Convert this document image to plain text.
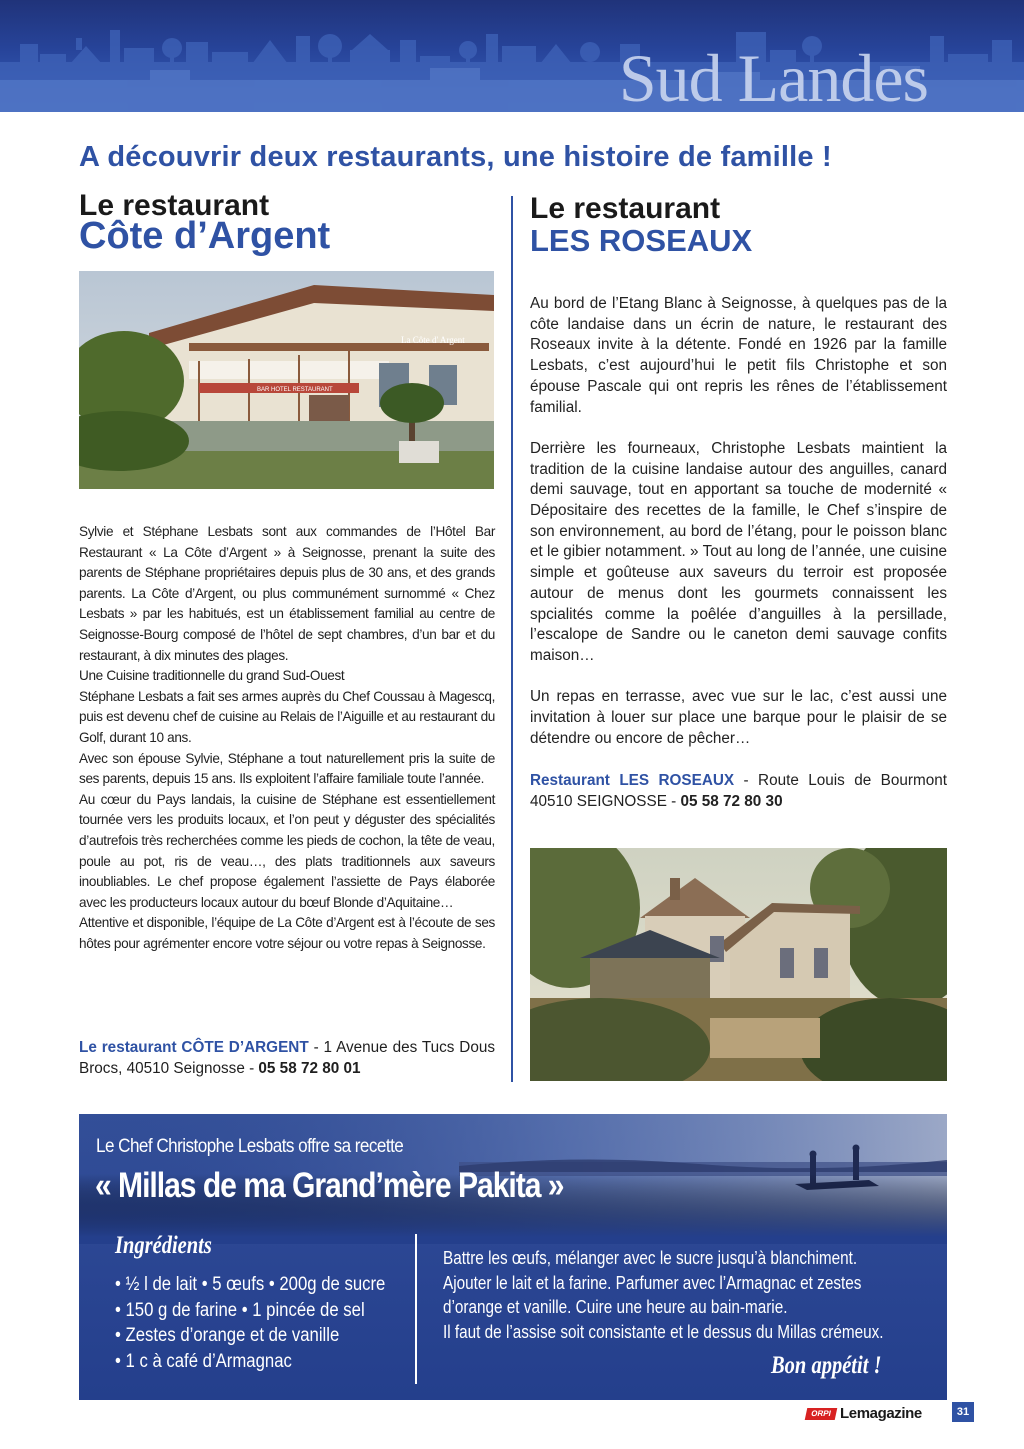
Sud Landes
A découvrir deux restaurants, une histoire de famille !
Le restaurant
Côte d’Argent
BAR HOTEL RESTAURANT
La Côte d' Argent

Sylvie et Stéphane Lesbats sont aux commandes de l’Hôtel Bar Restaurant « La Côte d’Argent » à Seignosse, prenant la suite des parents de Stéphane propriétaires depuis plus de 30 ans, et des grands parents. La Côte d’Argent, ou plus communément surnommé « Chez Lesbats » par les habitués, est un établissement familial au centre de Seignosse-Bourg composé de l’hôtel de sept chambres, d’un bar et du restaurant, à dix minutes des plages.

Une Cuisine traditionnelle du grand Sud-Ouest

Stéphane Lesbats a fait ses armes auprès du Chef Coussau à Magescq, puis est devenu chef de cuisine au Relais de l’Aiguille et au restaurant du Golf, durant 10 ans.

Avec son épouse Sylvie, Stéphane a tout naturellement pris la suite de ses parents, depuis 15 ans. Ils exploitent l’affaire familiale toute l’année.

Au cœur du Pays landais, la cuisine de Stéphane est essentiellement tournée vers les produits locaux, et l’on peut y déguster des spécialités d’autrefois très recherchées comme les pieds de cochon, la tête de veau, poule au pot, ris de veau…, des plats traditionnels aux saveurs inoubliables. Le chef propose également l’assiette de Pays élaborée avec les producteurs locaux autour du bœuf Blonde d’Aquitaine…

Attentive et disponible, l’équipe de La Côte d’Argent est à l’écoute de ses hôtes pour agrémenter encore votre séjour ou votre repas à Seignosse.

Le restaurant CÔTE D’ARGENT - 1 Avenue des Tucs Dous Brocs, 40510 Seignosse - 05 58 72 80 01
Le restaurant
LES ROSEAUX

Au bord de l’Etang Blanc à Seignosse, à quelques pas de la côte landaise dans un écrin de nature, le restaurant des Roseaux invite à la détente. Fondé en 1926 par la famille Lesbats, c’est aujourd’hui le petit fils Christophe et son épouse Pascale qui ont repris les rênes de l’établissement familial.

Derrière les fourneaux, Christophe Lesbats maintient la tradition de la cuisine landaise autour des anguilles, canard demi sauvage, tout en apportant sa touche de modernité « Dépositaire des recettes de la famille, le Chef s’inspire de son environnement, au bord de l’étang, pour le poisson blanc et le gibier notamment. » Tout au long de l’année, une cuisine simple et goûteuse aux saveurs du terroir est proposée autour de menus dont les gourmets connaissent les spcialités comme la poêlée d’anguilles à la persillade, l’escalope de Sandre ou le caneton demi sauvage confits maison…

Un repas en terrasse, avec vue sur le lac, c’est aussi une invitation à louer sur place une barque pour le plaisir de se détendre ou encore de pêcher…

Restaurant LES ROSEAUX - Route Louis de Bourmont 40510 SEIGNOSSE - 05 58 72 80 30

Le Chef Christophe Lesbats offre sa recette
« Millas de ma Grand’mère Pakita »
Ingrédients
• ½ l de lait • 5 œufs • 200g de sucre
• 150 g de farine • 1 pincée de sel
• Zestes d’orange et de vanille
• 1 c à café d’Armagnac

Battre les œufs, mélanger avec le sucre jusqu’à blanchiment.

Ajouter le lait et la farine. Parfumer avec l’Armagnac et zestes

d’orange et vanille. Cuire une heure au bain-marie.

Il faut de l’assise soit consistante et le dessus du Millas crémeux.

Bon appétit !
ORPI Lemagazine	31
